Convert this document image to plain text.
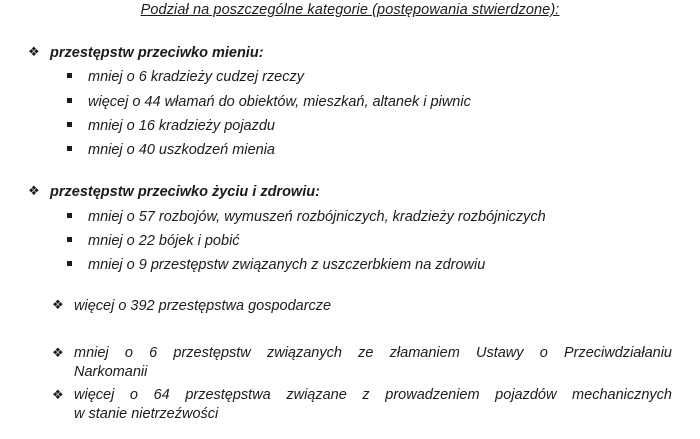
Podział na poszczególne kategorie (postępowania stwierdzone):
❖ przestępstw przeciwko mieniu:
mniej o 6 kradzieży cudzej rzeczy
więcej o 44 włamań do obiektów, mieszkań, altanek i piwnic
mniej o 16 kradzieży pojazdu
mniej o 40 uszkodzeń mienia
❖ przestępstw przeciwko życiu i zdrowiu:
mniej o 57 rozbojów, wymuszeń rozbójniczych, kradzieży rozbójniczych
mniej o 22 bójek i pobić
mniej o 9 przestępstw związanych z uszczerbkiem na zdrowiu
❖ więcej o 392 przestępstwa gospodarcze
❖ mniej o 6 przestępstw związanych ze złamaniem Ustawy o Przeciwdziałaniu
Narkomanii
❖ więcej o 64 przestępstwa związane z prowadzeniem pojazdów mechanicznych
w stanie nietrzeźwości
